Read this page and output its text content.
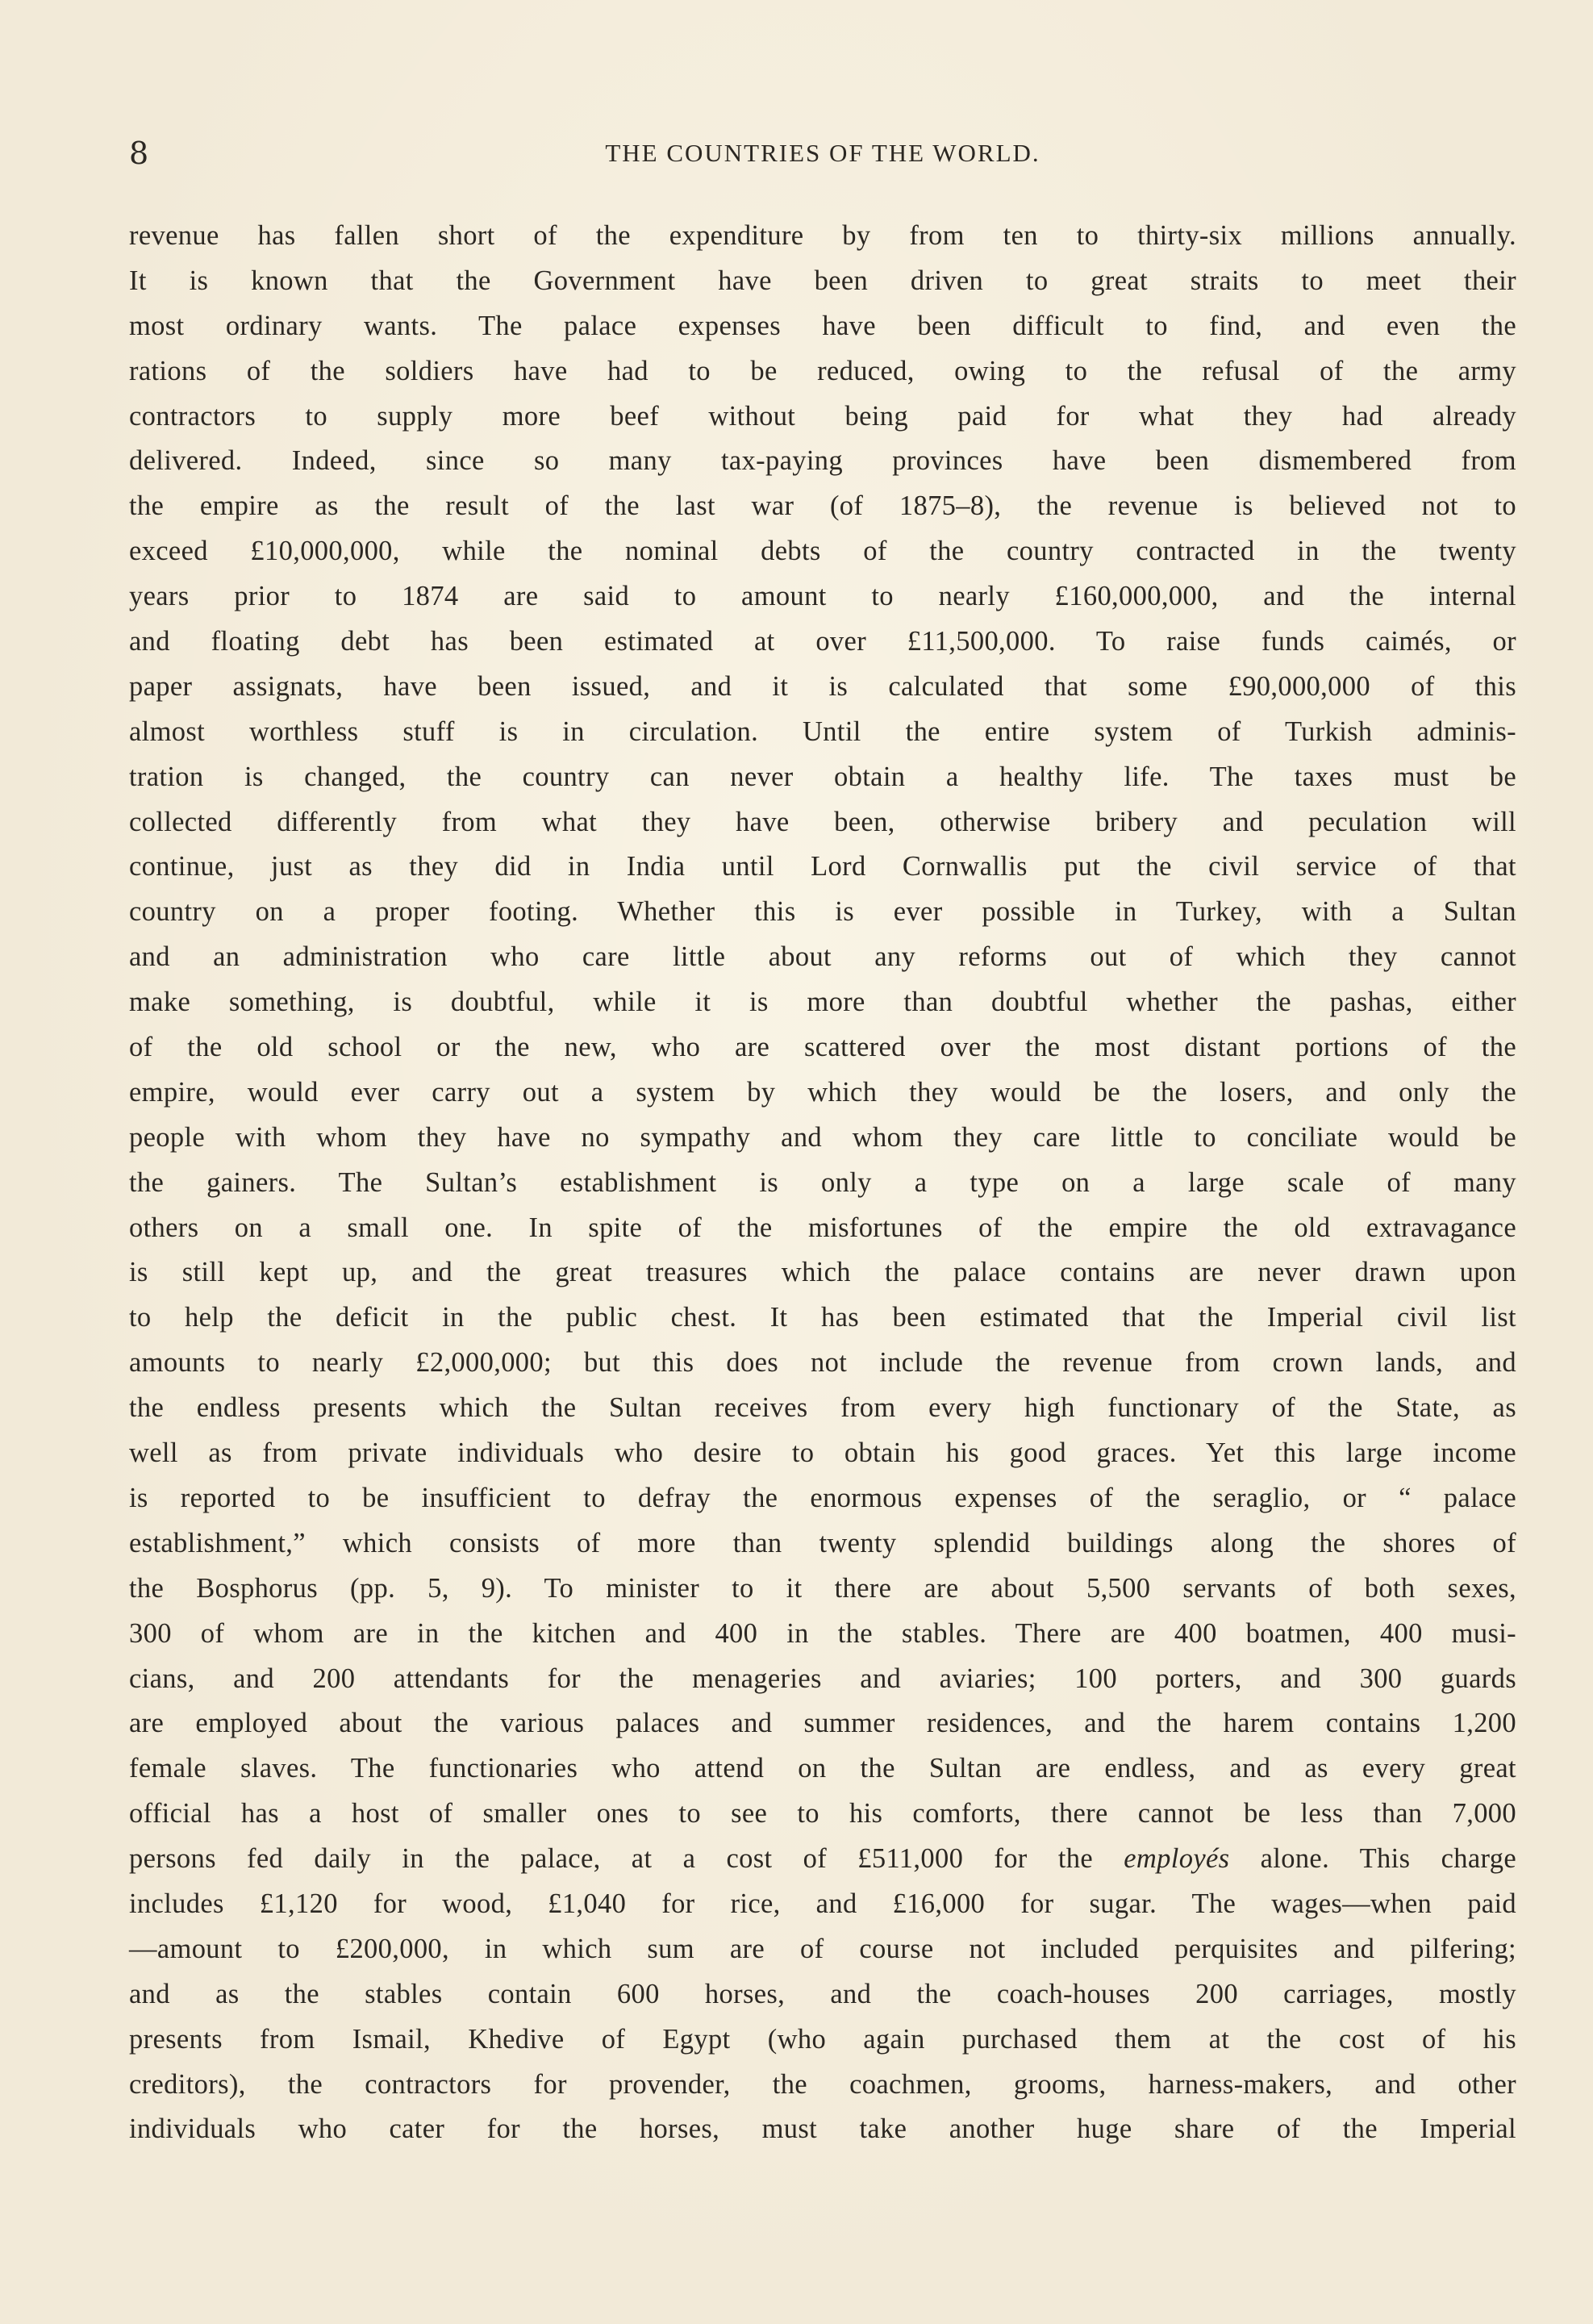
8	THE COUNTRIES OF THE WORLD.
revenue has fallen short of the expenditure by from ten to thirty-six millions annually.
It is known that the Government have been driven to great straits to meet their
most ordinary wants. The palace expenses have been difficult to find, and even the
rations of the soldiers have had to be reduced, owing to the refusal of the army
contractors to supply more beef without being paid for what they had already
delivered. Indeed, since so many tax-paying provinces have been dismembered from
the empire as the result of the last war (of 1875–8), the revenue is believed not to
exceed £10,000,000, while the nominal debts of the country contracted in the twenty
years prior to 1874 are said to amount to nearly £160,000,000, and the internal
and floating debt has been estimated at over £11,500,000. To raise funds caimés, or
paper assignats, have been issued, and it is calculated that some £90,000,000 of this
almost worthless stuff is in circulation. Until the entire system of Turkish adminis-
tration is changed, the country can never obtain a healthy life. The taxes must be
collected differently from what they have been, otherwise bribery and peculation will
continue, just as they did in India until Lord Cornwallis put the civil service of that
country on a proper footing. Whether this is ever possible in Turkey, with a Sultan
and an administration who care little about any reforms out of which they cannot
make something, is doubtful, while it is more than doubtful whether the pashas, either
of the old school or the new, who are scattered over the most distant portions of the
empire, would ever carry out a system by which they would be the losers, and only the
people with whom they have no sympathy and whom they care little to conciliate would be
the gainers. The Sultan’s establishment is only a type on a large scale of many
others on a small one. In spite of the misfortunes of the empire the old extravagance
is still kept up, and the great treasures which the palace contains are never drawn upon
to help the deficit in the public chest. It has been estimated that the Imperial civil list
amounts to nearly £2,000,000; but this does not include the revenue from crown lands, and
the endless presents which the Sultan receives from every high functionary of the State, as
well as from private individuals who desire to obtain his good graces. Yet this large income
is reported to be insufficient to defray the enormous expenses of the seraglio, or “ palace
establishment,” which consists of more than twenty splendid buildings along the shores of
the Bosphorus (pp. 5, 9). To minister to it there are about 5,500 servants of both sexes,
300 of whom are in the kitchen and 400 in the stables. There are 400 boatmen, 400 musi-
cians, and 200 attendants for the menageries and aviaries; 100 porters, and 300 guards
are employed about the various palaces and summer residences, and the harem contains 1,200
female slaves. The functionaries who attend on the Sultan are endless, and as every great
official has a host of smaller ones to see to his comforts, there cannot be less than 7,000
persons fed daily in the palace, at a cost of £511,000 for the employés alone. This charge
includes £1,120 for wood, £1,040 for rice, and £16,000 for sugar. The wages—when paid
—amount to £200,000, in which sum are of course not included perquisites and pilfering;
and as the stables contain 600 horses, and the coach-houses 200 carriages, mostly
presents from Ismail, Khedive of Egypt (who again purchased them at the cost of his
creditors), the contractors for provender, the coachmen, grooms, harness-makers, and other
individuals who cater for the horses, must take another huge share of the Imperial
